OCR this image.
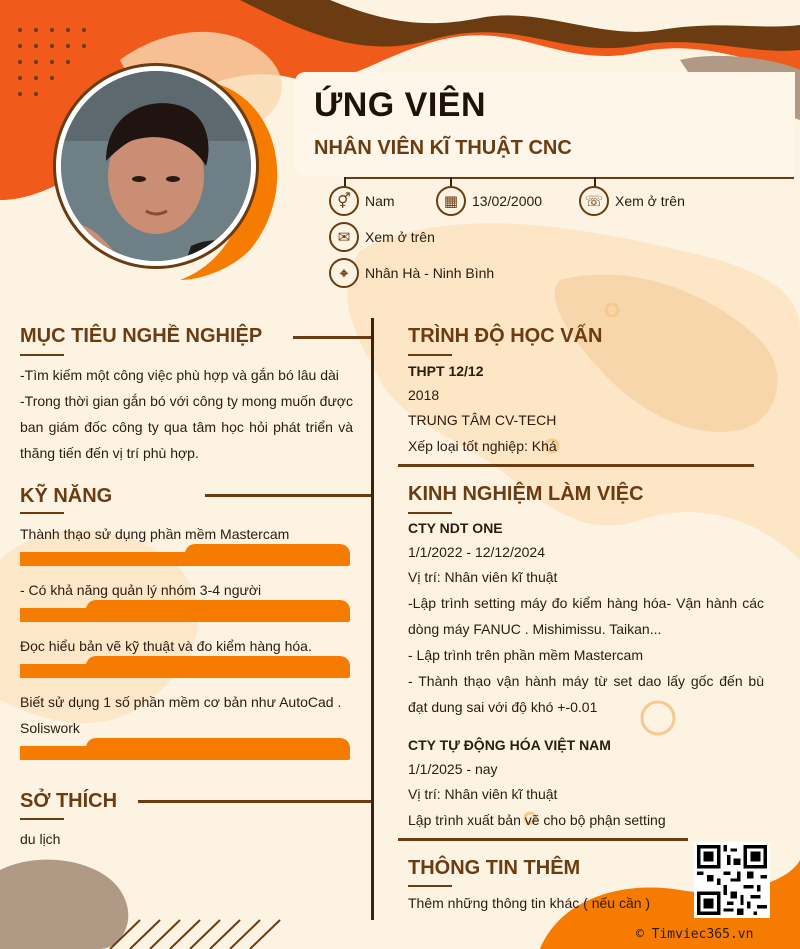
ỨNG VIÊN
NHÂN VIÊN KĨ THUẬT CNC
⚥	Nam	▦ 13/02/2000	☏ Xem ở trên
✉	Xem ở trên
⌖	Nhân Hà - Ninh Bình
MỤC TIÊU NGHỀ NGHIỆP
-Tìm kiếm một công việc phù hợp và gắn bó lâu dài
-Trong thời gian gắn bó với công ty mong muốn được ban giám đốc công ty qua tâm học hỏi phát triển và thăng tiến đến vị trí phù hợp.
KỸ NĂNG
Thành thạo sử dụng phần mềm Mastercam
- Có khả năng quản lý nhóm 3-4 người
Đọc hiểu bản vẽ kỹ thuật và đo kiểm hàng hóa.
Biết sử dụng 1 số phần mềm cơ bản như AutoCad . Soliswork
SỞ THÍCH
du lịch
TRÌNH ĐỘ HỌC VẤN
THPT 12/12
2018
TRUNG TÂM CV-TECH
Xếp loại tốt nghiệp: Khá
KINH NGHIỆM LÀM VIỆC
CTY NDT ONE
1/1/2022 - 12/12/2024
Vị trí: Nhân viên kĩ thuật
-Lập trình setting máy đo kiểm hàng hóa- Vận hành các dòng máy FANUC . Mishimissu. Taikan...
- Lập trình trên phần mềm Mastercam
- Thành thạo vận hành máy từ set dao lấy gốc đến bù đạt dung sai với độ khó +-0.01
CTY TỰ ĐỘNG HÓA VIỆT NAM
1/1/2025 - nay
Vị trí: Nhân viên kĩ thuật
Lập trình xuất bản vẽ cho bộ phận setting
THÔNG TIN THÊM
Thêm những thông tin khác ( nếu cần )
© Timviec365.vn
